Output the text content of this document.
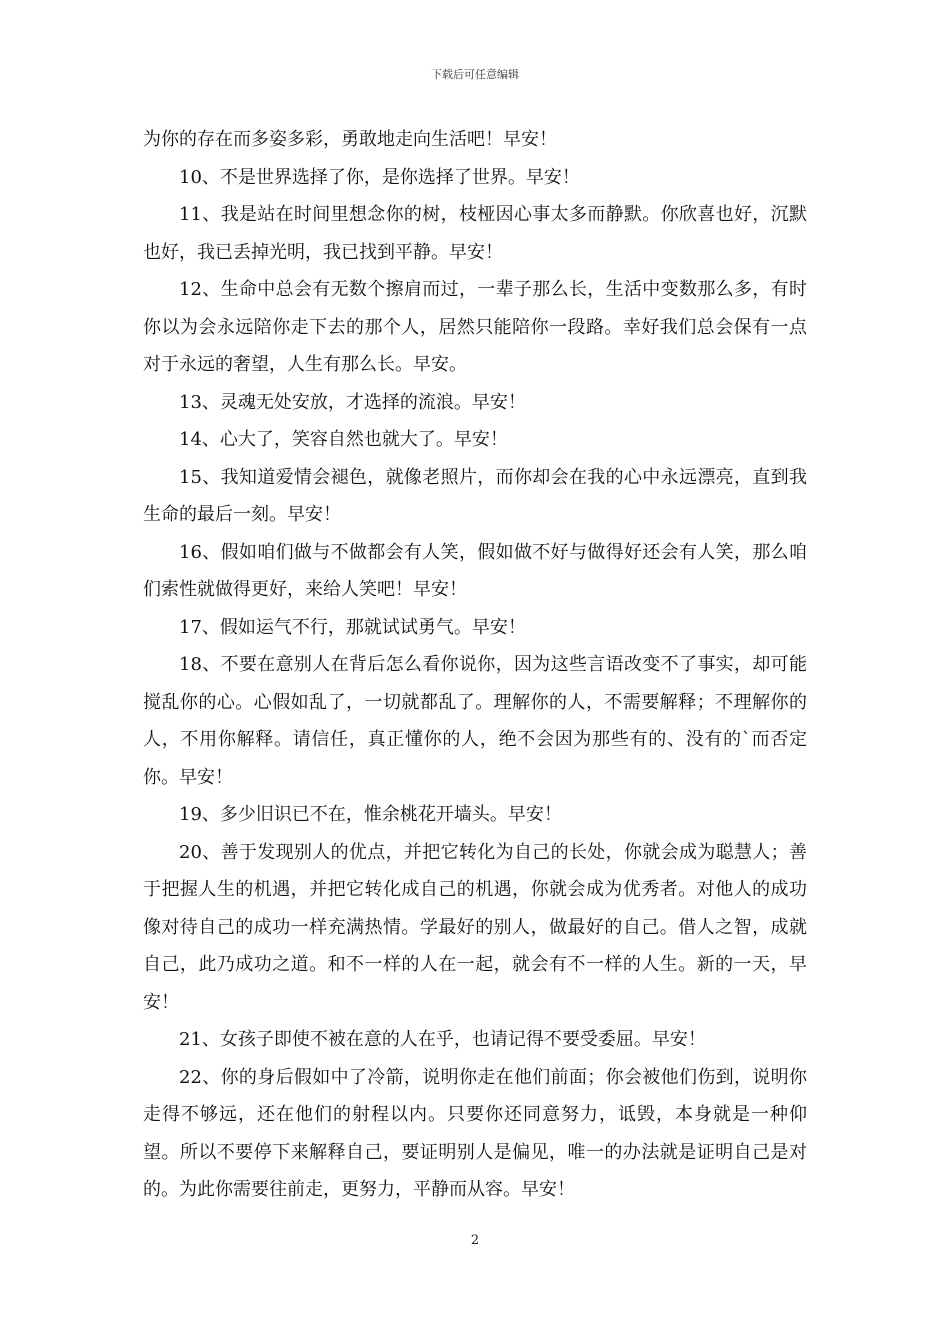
下载后可任意编辑

为你的存在而多姿多彩，勇敢地走向生活吧！早安！

10、不是世界选择了你，是你选择了世界。早安！

11、我是站在时间里想念你的树，枝桠因心事太多而静默。你欣喜也好，沉默也好，我已丢掉光明，我已找到平静。早安！

12、生命中总会有无数个擦肩而过，一辈子那么长，生活中变数那么多，有时你以为会永远陪你走下去的那个人，居然只能陪你一段路。幸好我们总会保有一点对于永远的奢望，人生有那么长。早安。

13、灵魂无处安放，才选择的流浪。早安！

14、心大了，笑容自然也就大了。早安！

15、我知道爱情会褪色，就像老照片，而你却会在我的心中永远漂亮，直到我生命的最后一刻。早安！

16、假如咱们做与不做都会有人笑，假如做不好与做得好还会有人笑，那么咱们索性就做得更好，来给人笑吧！早安！

17、假如运气不行，那就试试勇气。早安！

18、不要在意别人在背后怎么看你说你，因为这些言语改变不了事实，却可能搅乱你的心。心假如乱了，一切就都乱了。理解你的人，不需要解释；不理解你的人，不用你解释。请信任，真正懂你的人，绝不会因为那些有的、没有的`而否定你。早安！

19、多少旧识已不在，惟余桃花开墙头。早安！

20、善于发现别人的优点，并把它转化为自己的长处，你就会成为聪慧人；善于把握人生的机遇，并把它转化成自己的机遇，你就会成为优秀者。对他人的成功像对待自己的成功一样充满热情。学最好的别人，做最好的自己。借人之智，成就自己，此乃成功之道。和不一样的人在一起，就会有不一样的人生。新的一天，早安！

21、女孩子即使不被在意的人在乎，也请记得不要受委屈。早安！

22、你的身后假如中了冷箭，说明你走在他们前面；你会被他们伤到，说明你走得不够远，还在他们的射程以内。只要你还同意努力，诋毁，本身就是一种仰望。所以不要停下来解释自己，要证明别人是偏见，唯一的办法就是证明自己是对的。为此你需要往前走，更努力，平静而从容。早安！

2
